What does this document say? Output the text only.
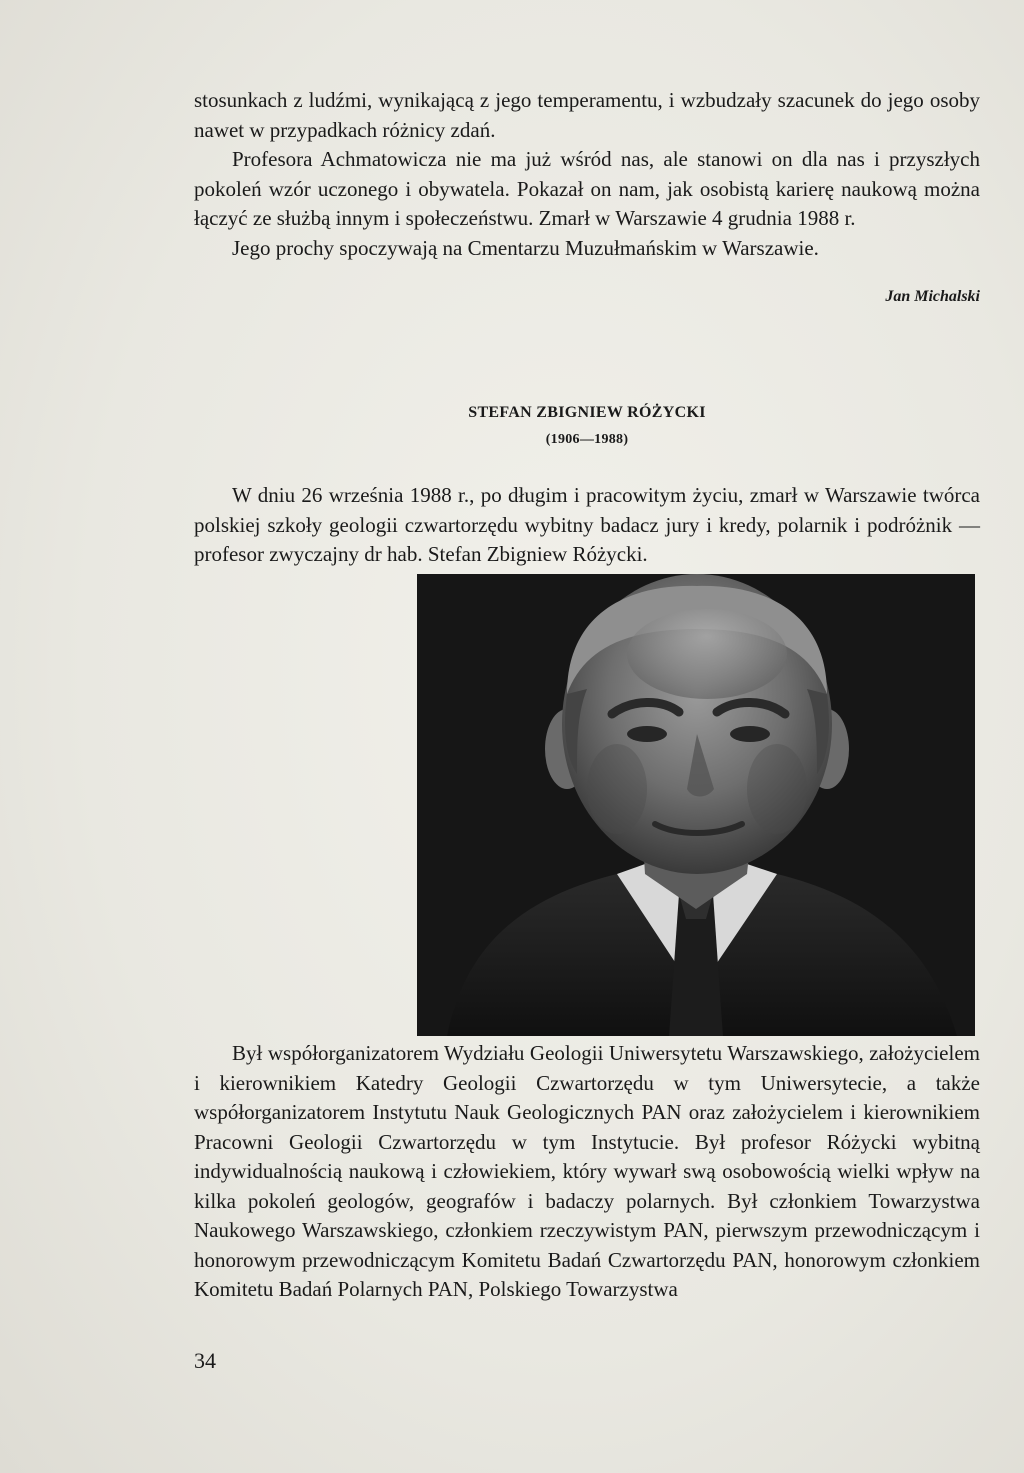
stosunkach z ludźmi, wynikającą z jego temperamentu, i wzbudzały szacunek do jego osoby nawet w przypadkach różnicy zdań.

Profesora Achmatowicza nie ma już wśród nas, ale stanowi on dla nas i przyszłych pokoleń wzór uczonego i obywatela. Pokazał on nam, jak osobistą karierę naukową można łączyć ze służbą innym i społeczeństwu. Zmarł w Warszawie 4 grudnia 1988 r.

Jego prochy spoczywają na Cmentarzu Muzułmańskim w Warszawie.

Jan Michalski
STEFAN ZBIGNIEW RÓŻYCKI
(1906—1988)

W dniu 26 września 1988 r., po długim i pracowitym życiu, zmarł w Warszawie twórca polskiej szkoły geologii czwartorzędu wybitny badacz jury i kredy, polarnik i podróżnik — profesor zwyczajny dr hab. Stefan Zbigniew Różycki.

Był współorganizatorem Wydziału Geologii Uniwersytetu Warszawskiego, założycielem i kierownikiem Katedry Geologii Czwartorzędu w tym Uniwersytecie, a także współorganizatorem Instytutu Nauk Geologicznych PAN oraz założycielem i kierownikiem Pracowni Geologii Czwartorzędu w tym Instytucie. Był profesor Różycki wybitną indywidualnością naukową i człowiekiem, który wywarł swą osobowością wielki wpływ na kilka pokoleń geologów, geografów i badaczy polarnych. Był członkiem Towarzystwa Naukowego Warszawskiego, członkiem rzeczywistym PAN, pierwszym przewodniczącym i honorowym przewodniczącym Komitetu Badań Czwartorzędu PAN, honorowym członkiem Komitetu Badań Polarnych PAN, Polskiego Towarzystwa

34
